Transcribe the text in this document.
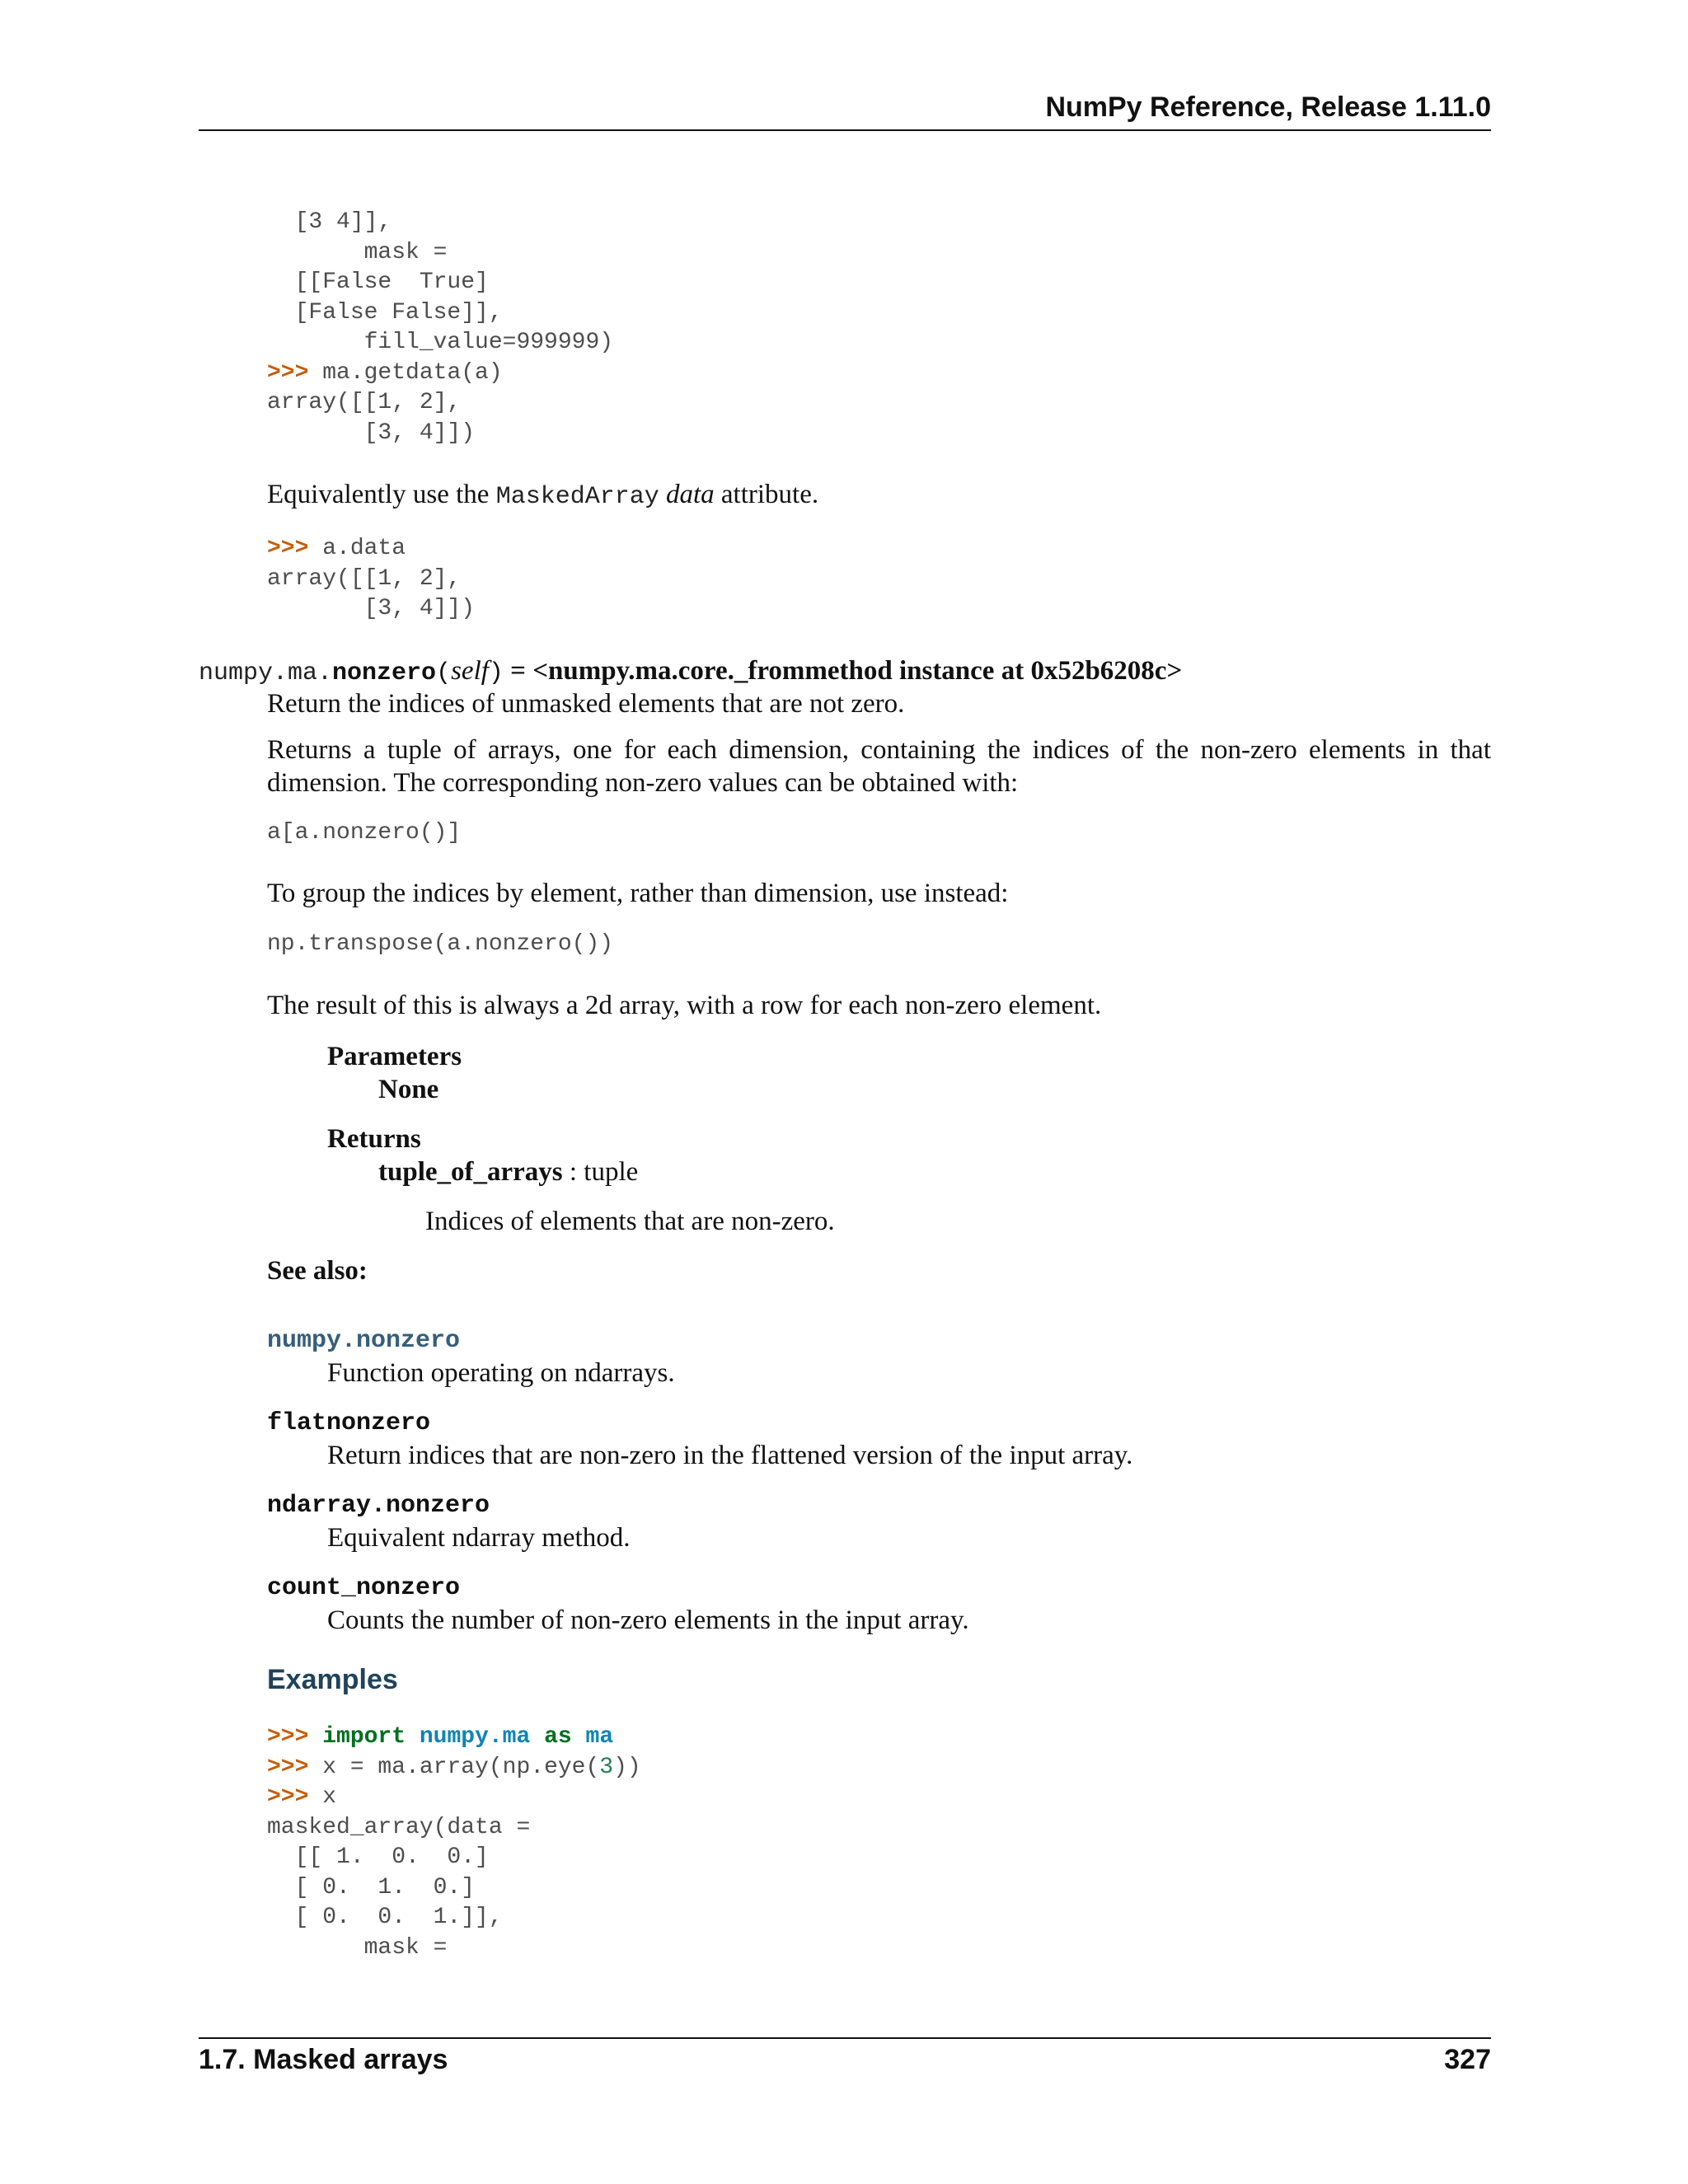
NumPy Reference, Release 1.11.0
[3 4]],
mask =
[[False  True]
[False False]],
fill_value=999999)
>>> ma.getdata(a)
array([[1, 2],
[3, 4]])

Equivalently use the MaskedArray data attribute.

>>> a.data
array([[1, 2],
[3, 4]])
numpy.ma.nonzero(self) = <numpy.ma.core._frommethod instance at 0x52b6208c>

Return the indices of unmasked elements that are not zero.

Returns a tuple of arrays, one for each dimension, containing the indices of the non-zero elements in that dimension. The corresponding non-zero values can be obtained with:

a[a.nonzero()]

To group the indices by element, rather than dimension, use instead:

np.transpose(a.nonzero())

The result of this is always a 2d array, with a row for each non-zero element.

Parameters
None
Returns
tuple_of_arrays : tuple
Indices of elements that are non-zero.
See also:
numpy.nonzero
Function operating on ndarrays.
flatnonzero
Return indices that are non-zero in the flattened version of the input array.
ndarray.nonzero
Equivalent ndarray method.
count_nonzero
Counts the number of non-zero elements in the input array.
Examples
>>> import numpy.ma as ma
>>> x = ma.array(np.eye(3))
>>> x
masked_array(data =
[[ 1.  0.  0.]
[ 0.  1.  0.]
[ 0.  0.  1.]],
mask =
1.7. Masked arrays	327
